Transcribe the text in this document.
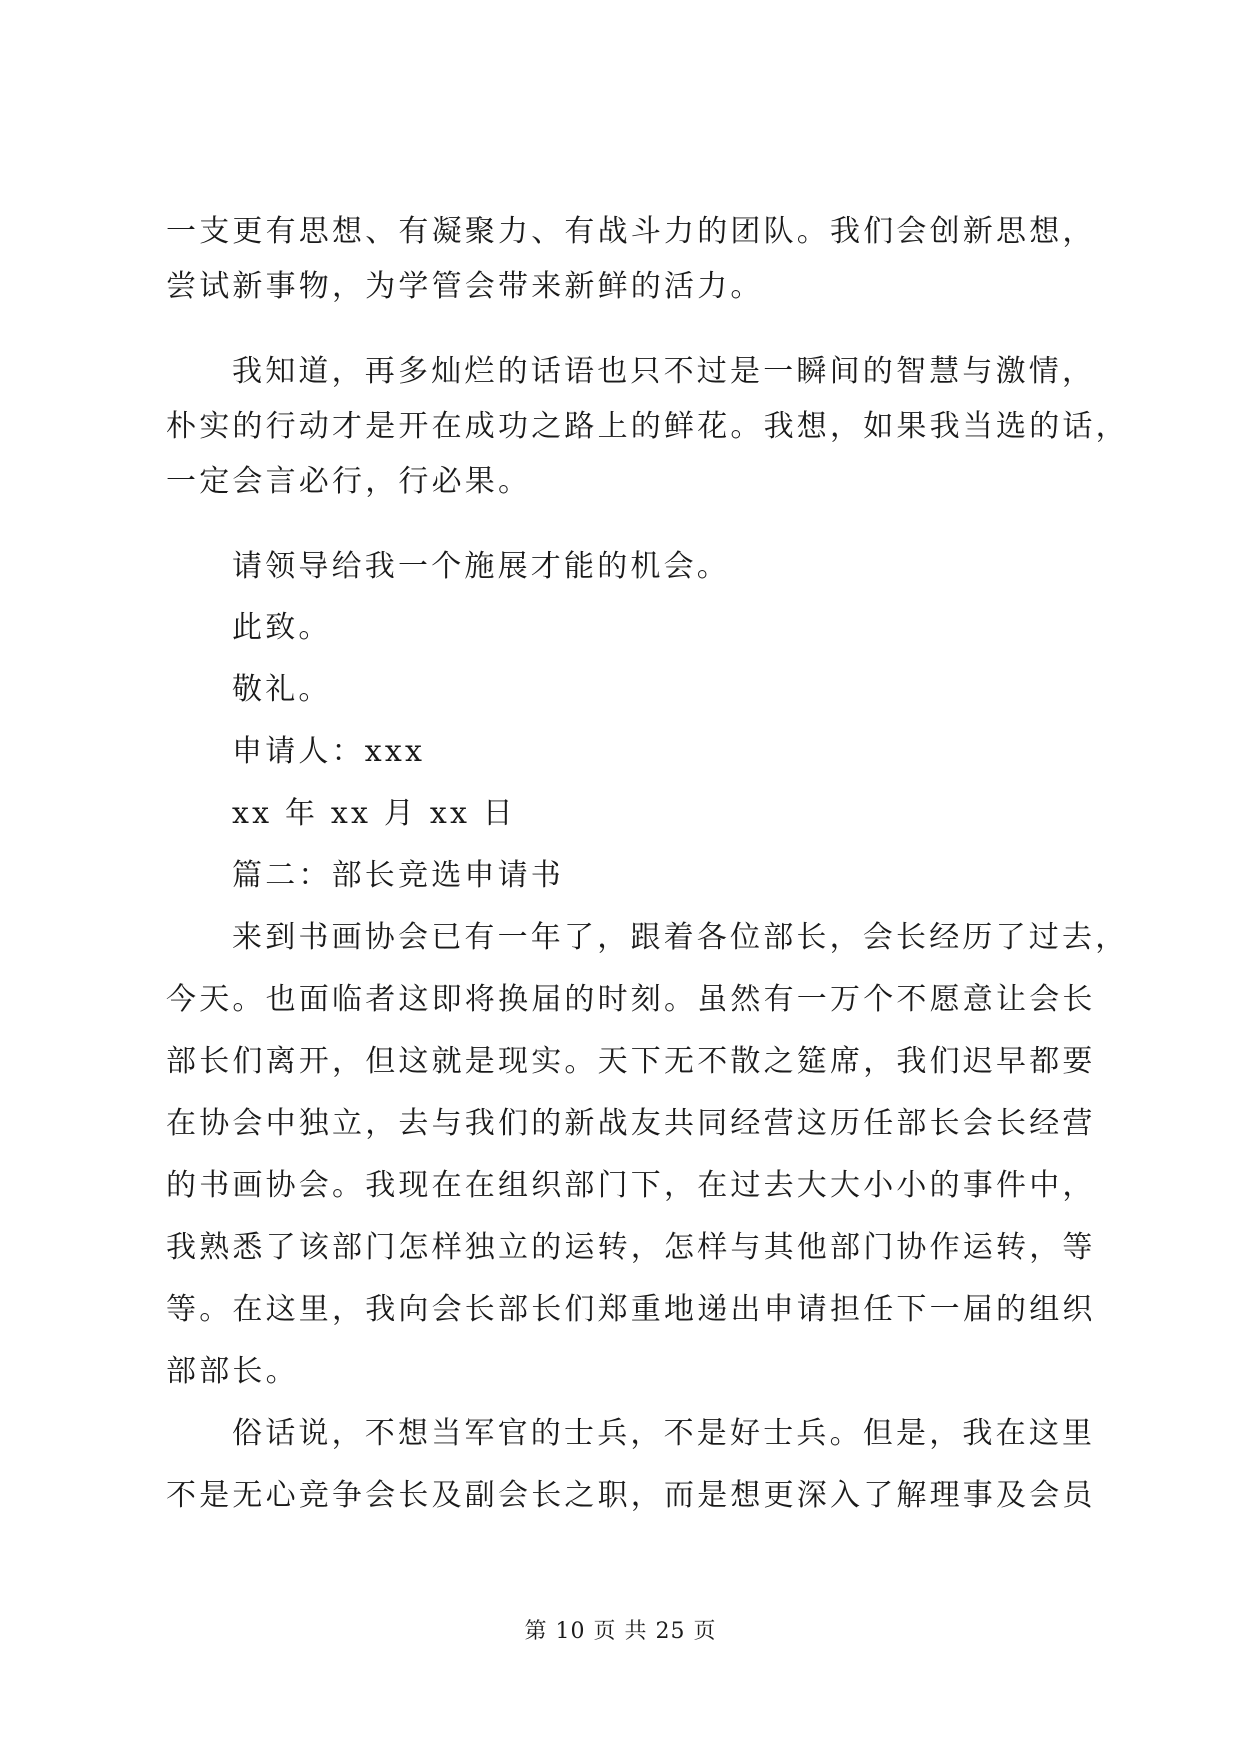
一支更有思想、有凝聚力、有战斗力的团队。我们会创新思想，
尝试新事物，为学管会带来新鲜的活力。
我知道，再多灿烂的话语也只不过是一瞬间的智慧与激情，
朴实的行动才是开在成功之路上的鲜花。我想，如果我当选的话，
一定会言必行，行必果。
请领导给我一个施展才能的机会。
此致。
敬礼。
申请人：xxx
xx 年 xx 月 xx 日
篇二：部长竞选申请书
来到书画协会已有一年了，跟着各位部长，会长经历了过去，
今天。也面临者这即将换届的时刻。虽然有一万个不愿意让会长
部长们离开，但这就是现实。天下无不散之筵席，我们迟早都要
在协会中独立，去与我们的新战友共同经营这历任部长会长经营
的书画协会。我现在在组织部门下，在过去大大小小的事件中，
我熟悉了该部门怎样独立的运转，怎样与其他部门协作运转，等
等。在这里，我向会长部长们郑重地递出申请担任下一届的组织
部部长。
俗话说，不想当军官的士兵，不是好士兵。但是，我在这里
不是无心竞争会长及副会长之职，而是想更深入了解理事及会员
第 10 页 共 25 页
